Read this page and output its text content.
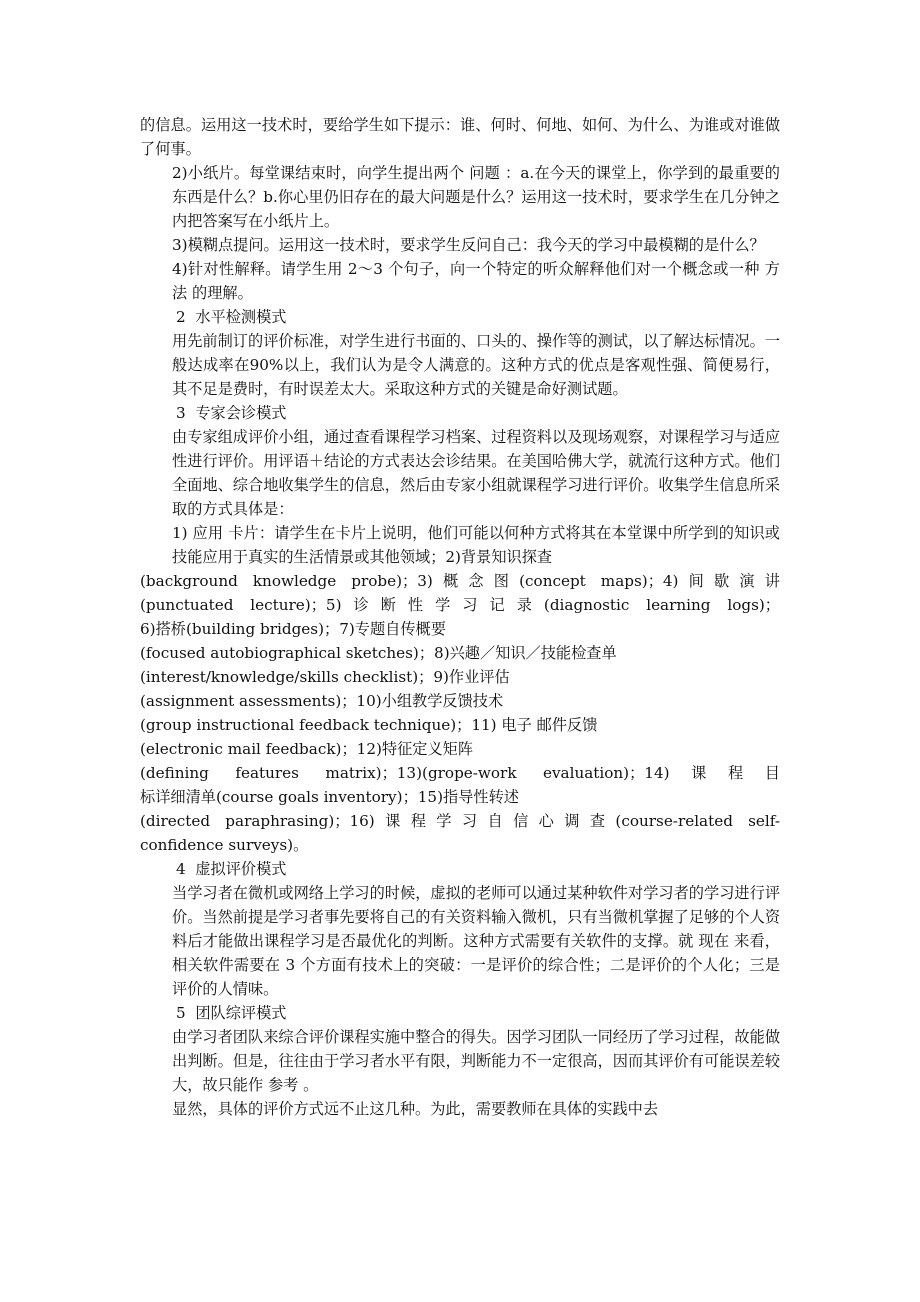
的信息。运用这一技术时，要给学生如下提示：谁、何时、何地、如何、为什么、为谁或对谁做了何事。

2)小纸片。每堂课结束时，向学生提出两个 问题 ：a.在今天的课堂上，你学到的最重要的东西是什么？b.你心里仍旧存在的最大问题是什么？运用这一技术时，要求学生在几分钟之内把答案写在小纸片上。

3)模糊点提问。运用这一技术时，要求学生反问自己：我今天的学习中最模糊的是什么？

4)针对性解释。请学生用 2～3 个句子，向一个特定的听众解释他们对一个概念或一种 方法 的理解。

2  水平检测模式

用先前制订的评价标准，对学生进行书面的、口头的、操作等的测试，以了解达标情况。一般达成率在90%以上，我们认为是令人满意的。这种方式的优点是客观性强、简便易行，其不足是费时，有时误差太大。采取这种方式的关键是命好测试题。

3  专家会诊模式

由专家组成评价小组，通过查看课程学习档案、过程资料以及现场观察，对课程学习与适应性进行评价。用评语＋结论的方式表达会诊结果。在美国哈佛大学，就流行这种方式。他们全面地、综合地收集学生的信息，然后由专家小组就课程学习进行评价。收集学生信息所采取的方式具体是：

1) 应用 卡片：请学生在卡片上说明，他们可能以何种方式将其在本堂课中所学到的知识或技能应用于真实的生活情景或其他领域；2)背景知识探查

(background knowledge probe)；3)概念图(concept maps)；4)间歇演讲
(punctuated lecture)；5)诊断性学习记录(diagnostic learning logs)；
6)搭桥(building bridges)；7)专题自传概要
(focused autobiographical sketches)；8)兴趣／知识／技能检查单
(interest/knowledge/skills checklist)；9)作业评估
(assignment assessments)；10)小组教学反馈技术
(group instructional feedback technique)；11) 电子 邮件反馈
(electronic mail feedback)；12)特征定义矩阵
(defining features matrix)；13)(grope-work evaluation)；14)课程目
标详细清单(course goals inventory)；15)指导性转述
(directed paraphrasing)；16)课程学习自信心调查(course-related self-
confidence surveys)。

4  虚拟评价模式

当学习者在微机或网络上学习的时候，虚拟的老师可以通过某种软件对学习者的学习进行评价。当然前提是学习者事先要将自己的有关资料输入微机，只有当微机掌握了足够的个人资料后才能做出课程学习是否最优化的判断。这种方式需要有关软件的支撑。就 现在 来看，相关软件需要在 3 个方面有技术上的突破：一是评价的综合性；二是评价的个人化；三是评价的人情味。

5  团队综评模式

由学习者团队来综合评价课程实施中整合的得失。因学习团队一同经历了学习过程，故能做出判断。但是，往往由于学习者水平有限，判断能力不一定很高，因而其评价有可能误差较大，故只能作 参考 。

显然，具体的评价方式远不止这几种。为此，需要教师在具体的实践中去
